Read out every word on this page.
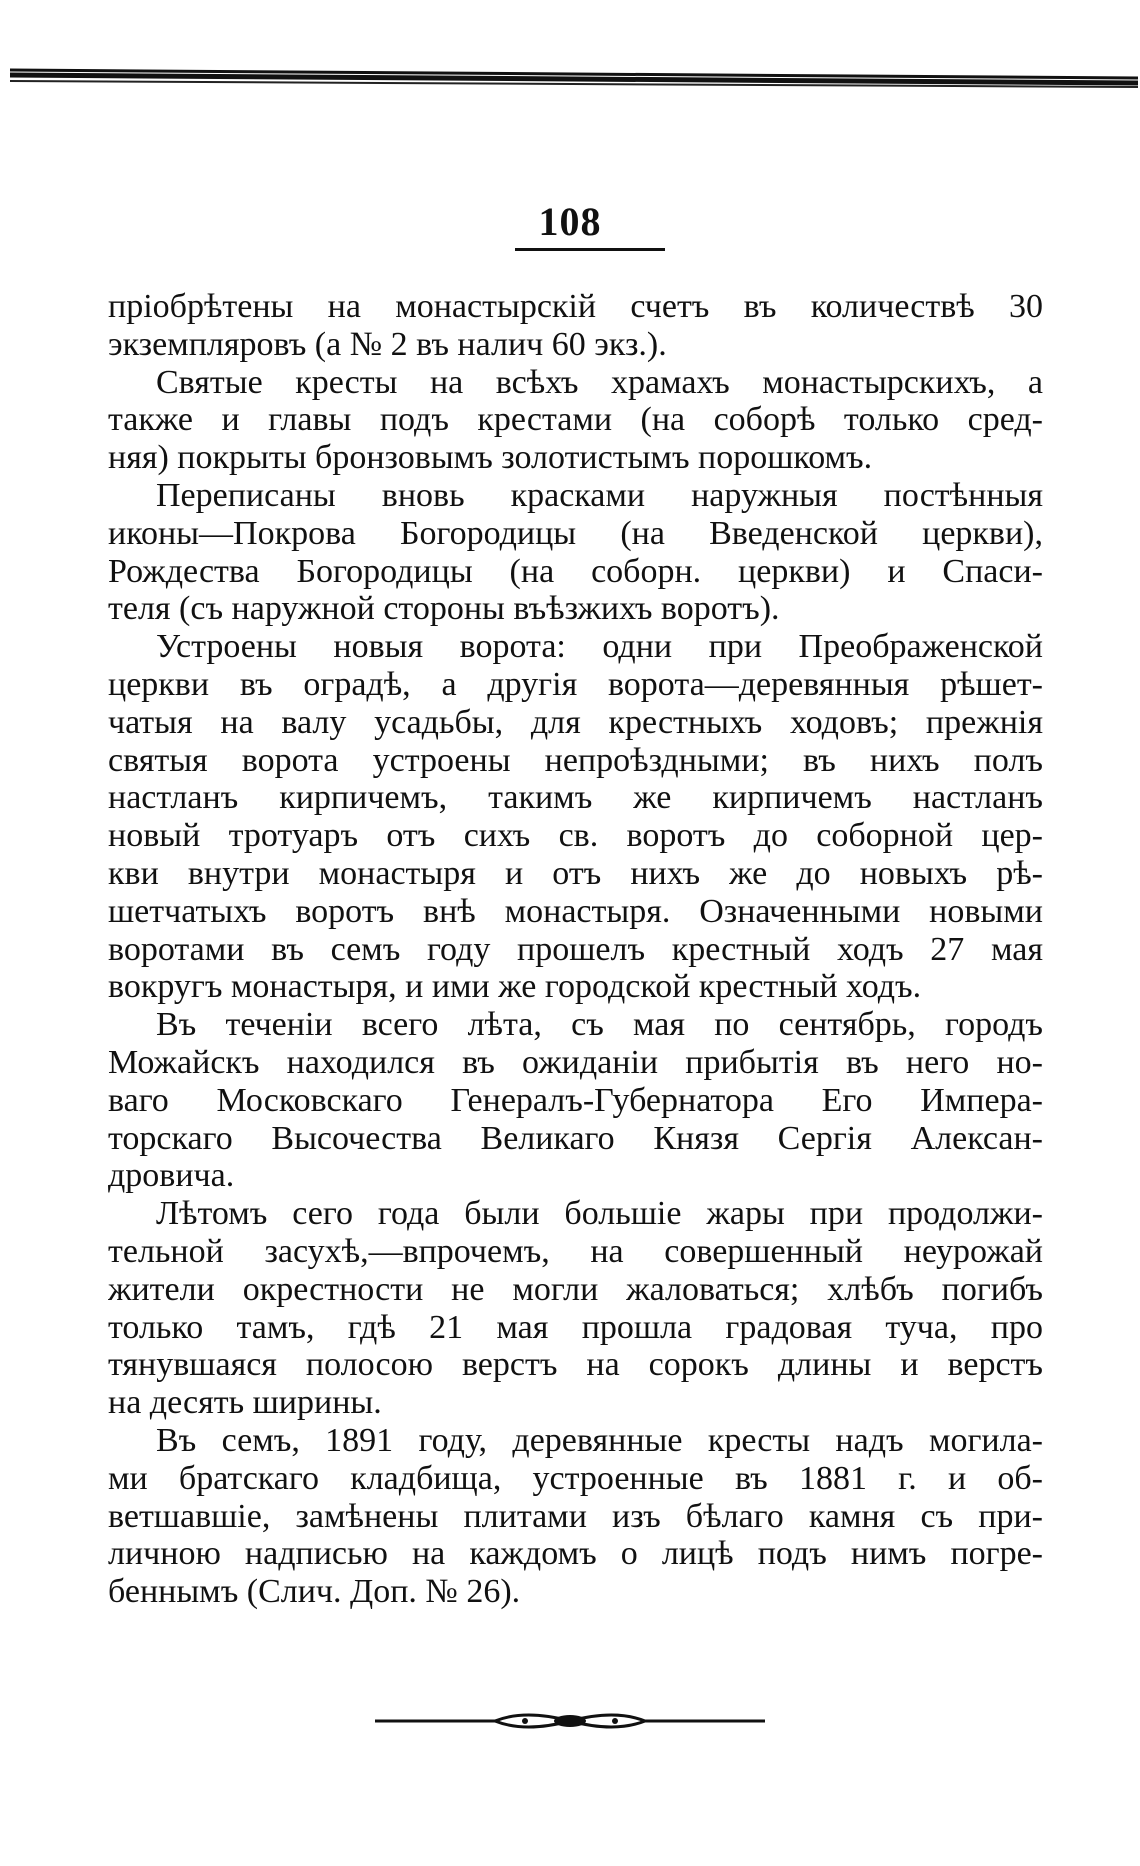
108
пріобрѣтены на монастырскій счетъ въ количествѣ 30
экземпляровъ (а № 2 въ налич 60 экз.).
Святые кресты на всѣхъ храмахъ монастырскихъ, а
также и главы подъ крестами (на соборѣ только сред-
няя) покрыты бронзовымъ золотистымъ порошкомъ.
Переписаны вновь красками наружныя постѣнныя
иконы—Покрова Богородицы (на Введенской церкви),
Рождества Богородицы (на соборн. церкви) и Спаси-
теля (съ наружной стороны въѣзжихъ воротъ).
Устроены новыя ворота: одни при Преображенской
церкви въ оградѣ, а другія ворота—деревянныя рѣшет-
чатыя на валу усадьбы, для крестныхъ ходовъ; прежнія
святыя ворота устроены непроѣздными; въ нихъ полъ
настланъ кирпичемъ, такимъ же кирпичемъ настланъ
новый тротуаръ отъ сихъ св. воротъ до соборной цер-
кви внутри монастыря и отъ нихъ же до новыхъ рѣ-
шетчатыхъ воротъ внѣ монастыря. Означенными новыми
воротами въ семъ году прошелъ крестный ходъ 27 мая
вокругъ монастыря, и ими же городской крестный ходъ.
Въ теченіи всего лѣта, съ мая по сентябрь, городъ
Можайскъ находился въ ожиданіи прибытія въ него но-
ваго Московскаго Генералъ-Губернатора Его Импера-
торскаго Высочества Великаго Князя Сергія Алексан-
дровича.
Лѣтомъ сего года были большіе жары при продолжи-
тельной засухѣ,—впрочемъ, на совершенный неурожай
жители окрестности не могли жаловаться; хлѣбъ погибъ
только тамъ, гдѣ 21 мая прошла градовая туча, про
тянувшаяся полосою верстъ на сорокъ длины и верстъ
на десять ширины.
Въ семъ, 1891 году, деревянные кресты надъ могила-
ми братскаго кладбища, устроенные въ 1881 г. и об-
ветшавшіе, замѣнены плитами изъ бѣлаго камня съ при-
личною надписью на каждомъ о лицѣ подъ нимъ погре-
беннымъ (Слич. Доп. № 26).
